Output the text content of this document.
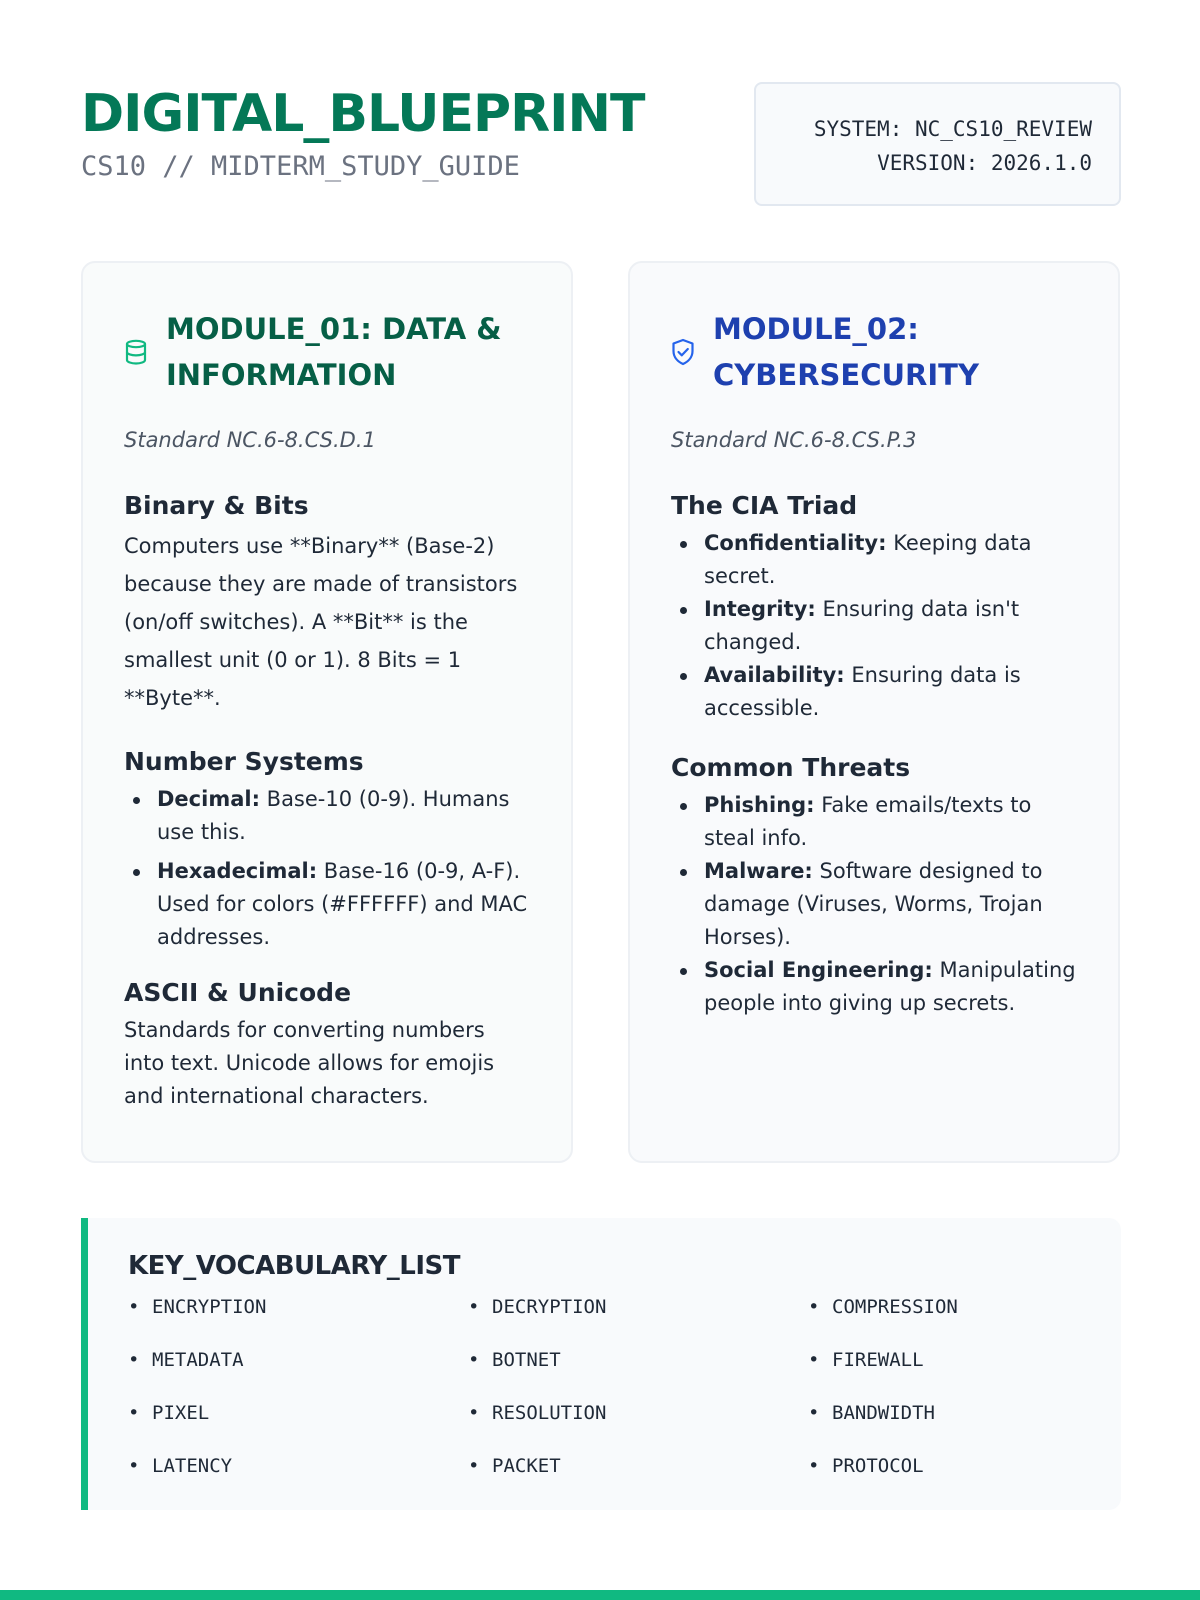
DIGITAL_BLUEPRINT
CS10 // MIDTERM_STUDY_GUIDE
SYSTEM: NC_CS10_REVIEW
VERSION: 2026.1.0
MODULE_01: DATA & INFORMATION
Standard NC.6-8.CS.D.1
Binary & Bits
Computers use **Binary** (Base-2) because they are made of transistors (on/off switches). A **Bit** is the smallest unit (0 or 1). 8 Bits = 1 **Byte**.
Number Systems
Decimal: Base-10 (0-9). Humans use this.
Hexadecimal: Base-16 (0-9, A-F). Used for colors (#FFFFFF) and MAC addresses.
ASCII & Unicode
Standards for converting numbers into text. Unicode allows for emojis and international characters.
MODULE_02: CYBERSECURITY
Standard NC.6-8.CS.P.3
The CIA Triad
Confidentiality: Keeping data secret.
Integrity: Ensuring data isn't changed.
Availability: Ensuring data is accessible.
Common Threats
Phishing: Fake emails/texts to steal info.
Malware: Software designed to damage (Viruses, Worms, Trojan Horses).
Social Engineering: Manipulating people into giving up secrets.
KEY_VOCABULARY_LIST
• ENCRYPTION	• DECRYPTION	• COMPRESSION
• METADATA	• BOTNET	• FIREWALL
• PIXEL	• RESOLUTION	• BANDWIDTH
• LATENCY	• PACKET	• PROTOCOL
